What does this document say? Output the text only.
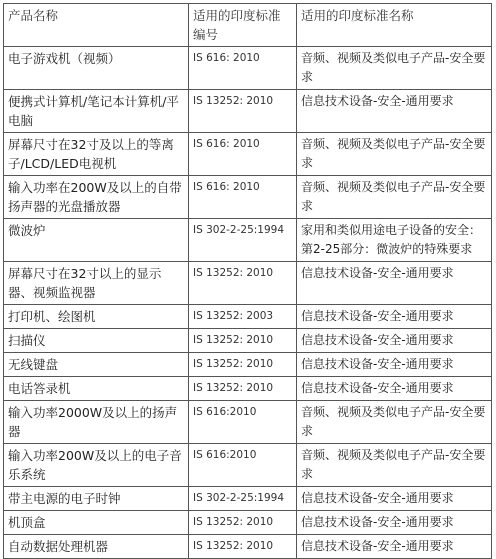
产品名称	适用的印度标准编号	适用的印度标准名称
电子游戏机（视频）	IS 616: 2010	音频、视频及类似电子产品-安全要求
便携式计算机/笔记本计算机/平电脑	IS 13252: 2010	信息技术设备-安全-通用要求
屏幕尺寸在32寸及以上的等离子/LCD/LED电视机	IS 616: 2010	音频、视频及类似电子产品-安全要求
输入功率在200W及以上的自带扬声器的光盘播放器	IS 616: 2010	音频、视频及类似电子产品-安全要求
微波炉	IS 302-2-25:1994	家用和类似用途电子设备的安全：第2-25部分：微波炉的特殊要求
屏幕尺寸在32寸以上的显示器、视频监视器	IS 13252: 2010	信息技术设备-安全-通用要求
打印机、绘图机	IS 13252: 2003	信息技术设备-安全-通用要求
扫描仪	IS 13252: 2010	信息技术设备-安全-通用要求
无线键盘	IS 13252: 2010	信息技术设备-安全-通用要求
电话答录机	IS 13252: 2010	信息技术设备-安全-通用要求
输入功率2000W及以上的扬声器	IS 616:2010	音频、视频及类似电子产品-安全要求
输入功率200W及以上的电子音乐系统	IS 616:2010	音频、视频及类似电子产品-安全要求
带主电源的电子时钟	IS 302-2-25:1994	信息技术设备-安全-通用要求
机顶盒	IS 13252: 2010	信息技术设备-安全-通用要求
自动数据处理机器	IS 13252: 2010	信息技术设备-安全-通用要求
